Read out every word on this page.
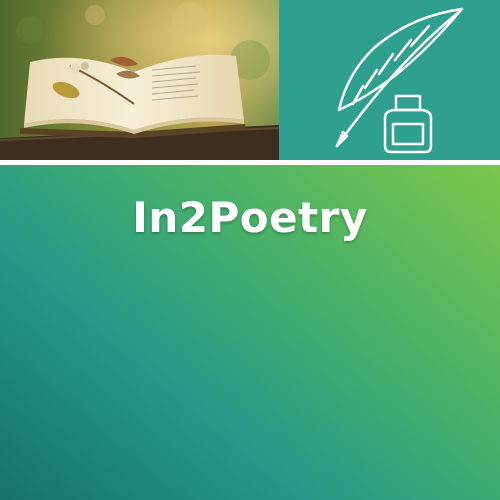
In2Poetry
